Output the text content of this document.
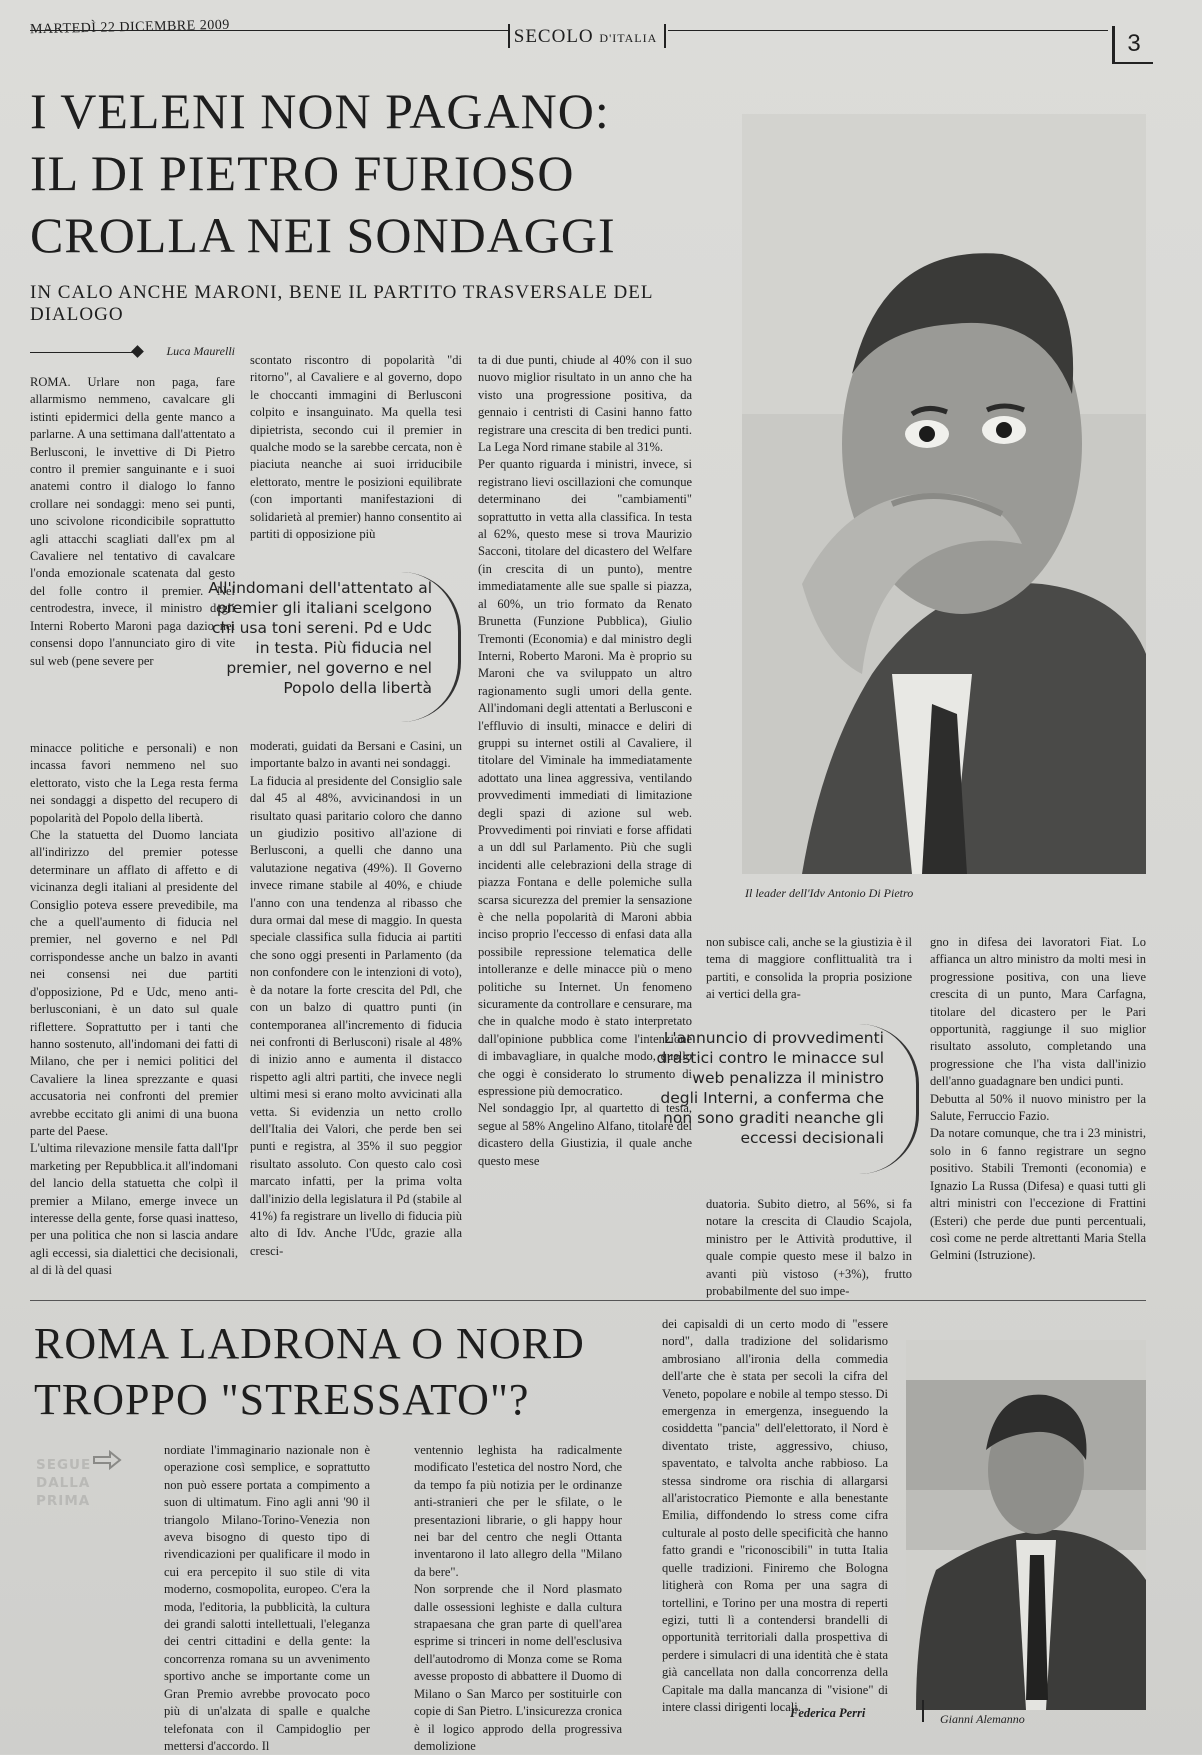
MARTEDÌ 22 DICEMBRE 2009	SECOLO D'ITALIA	3
I VELENI NON PAGANO:
IL DI PIETRO FURIOSO
CROLLA NEI SONDAGGI
IN CALO ANCHE MARONI, BENE IL PARTITO TRASVERSALE DEL DIALOGO
Luca Maurelli
ROMA. Urlare non paga, fare allarmismo nemmeno, cavalcare gli istinti epidermici della gente manco a parlarne. A una settimana dall'attentato a Berlusconi, le invettive di Di Pietro contro il premier sanguinante e i suoi anatemi contro il dialogo lo fanno crollare nei sondaggi: meno sei punti, uno scivolone ricondicibile soprattutto agli attacchi scagliati dall'ex pm al Cavaliere nel tentativo di cavalcare l'onda emozionale scatenata dal gesto del folle contro il premier. Nel centrodestra, invece, il ministro degli Interni Roberto Maroni paga dazio nei consensi dopo l'annunciato giro di vite sul web (pene severe per
minacce politiche e personali) e non incassa favori nemmeno nel suo elettorato, visto che la Lega resta ferma nei sondaggi a dispetto del recupero di popolarità del Popolo della libertà.
Che la statuetta del Duomo lanciata all'indirizzo del premier potesse determinare un afflato di affetto e di vicinanza degli italiani al presidente del Consiglio poteva essere prevedibile, ma che a quell'aumento di fiducia nel premier, nel governo e nel Pdl corrispondesse anche un balzo in avanti nei consensi nei due partiti d'opposizione, Pd e Udc, meno anti-berlusconiani, è un dato sul quale riflettere. Soprattutto per i tanti che hanno sostenuto, all'indomani dei fatti di Milano, che per i nemici politici del Cavaliere la linea sprezzante e quasi accusatoria nei confronti del premier avrebbe eccitato gli animi di una buona parte del Paese.
L'ultima rilevazione mensile fatta dall'Ipr marketing per Repubblica.it all'indomani del lancio della statuetta che colpì il premier a Milano, emerge invece un interesse della gente, forse quasi inatteso, per una politica che non si lascia andare agli eccessi, sia dialettici che decisionali, al di là del quasi
scontato riscontro di popolarità "di ritorno", al Cavaliere e al governo, dopo le choccanti immagini di Berlusconi colpito e insanguinato. Ma quella tesi dipietrista, secondo cui il premier in qualche modo se la sarebbe cercata, non è piaciuta neanche ai suoi irriducibile elettorato, mentre le posizioni equilibrate (con importanti manifestazioni di solidarietà al premier) hanno consentito ai partiti di opposizione più
moderati, guidati da Bersani e Casini, un importante balzo in avanti nei sondaggi.
La fiducia al presidente del Consiglio sale dal 45 al 48%, avvicinandosi in un risultato quasi paritario coloro che danno un giudizio positivo all'azione di Berlusconi, a quelli che danno una valutazione negativa (49%). Il Governo invece rimane stabile al 40%, e chiude l'anno con una tendenza al ribasso che dura ormai dal mese di maggio. In questa speciale classifica sulla fiducia ai partiti che sono oggi presenti in Parlamento (da non confondere con le intenzioni di voto), è da notare la forte crescita del Pdl, che con un balzo di quattro punti (in contemporanea all'incremento di fiducia nei confronti di Berlusconi) risale al 48% di inizio anno e aumenta il distacco rispetto agli altri partiti, che invece negli ultimi mesi si erano molto avvicinati alla vetta. Si evidenzia un netto crollo dell'Italia dei Valori, che perde ben sei punti e registra, al 35% il suo peggior risultato assoluto. Con questo calo così marcato infatti, per la prima volta dall'inizio della legislatura il Pd (stabile al 41%) fa registrare un livello di fiducia più alto di Idv. Anche l'Udc, grazie alla cresci-
All'indomani dell'attentato al premier gli italiani scelgono chi usa toni sereni. Pd e Udc in testa. Più fiducia nel premier, nel governo e nel Popolo della libertà
ta di due punti, chiude al 40% con il suo nuovo miglior risultato in un anno che ha visto una progressione positiva, da gennaio i centristi di Casini hanno fatto registrare una crescita di ben tredici punti. La Lega Nord rimane stabile al 31%.
Per quanto riguarda i ministri, invece, si registrano lievi oscillazioni che comunque determinano dei "cambiamenti" soprattutto in vetta alla classifica. In testa al 62%, questo mese si trova Maurizio Sacconi, titolare del dicastero del Welfare (in crescita di un punto), mentre immediatamente alle sue spalle si piazza, al 60%, un trio formato da Renato Brunetta (Funzione Pubblica), Giulio Tremonti (Economia) e dal ministro degli Interni, Roberto Maroni. Ma è proprio su Maroni che va sviluppato un altro ragionamento sugli umori della gente. All'indomani degli attentati a Berlusconi e l'effluvio di insulti, minacce e deliri di gruppi su internet ostili al Cavaliere, il titolare del Viminale ha immediatamente adottato una linea aggressiva, ventilando provvedimenti immediati di limitazione degli spazi di azione sul web. Provvedimenti poi rinviati e forse affidati a un ddl sul Parlamento. Più che sugli incidenti alle celebrazioni della strage di piazza Fontana e delle polemiche sulla scarsa sicurezza del premier la sensazione è che nella popolarità di Maroni abbia inciso proprio l'eccesso di enfasi data alla possibile repressione telematica delle intolleranze e delle minacce più o meno politiche su Internet. Un fenomeno sicuramente da controllare e censurare, ma che in qualche modo è stato interpretato dall'opinione pubblica come l'intenzione di imbavagliare, in qualche modo, quello che oggi è considerato lo strumento di espressione più democratico.
Nel sondaggio Ipr, al quartetto di testa, segue al 58% Angelino Alfano, titolare del dicastero della Giustizia, il quale anche questo mese
Il leader dell'Idv Antonio Di Pietro
non subisce cali, anche se la giustizia è il tema di maggiore conflittualità tra i partiti, e consolida la propria posizione ai vertici della gra-
L'annuncio di provvedimenti drastici contro le minacce sul web penalizza il ministro degli Interni, a conferma che non sono graditi neanche gli eccessi decisionali
duatoria. Subito dietro, al 56%, si fa notare la crescita di Claudio Scajola, ministro per le Attività produttive, il quale compie questo mese il balzo in avanti più vistoso (+3%), frutto probabilmente del suo impe-
gno in difesa dei lavoratori Fiat. Lo affianca un altro ministro da molti mesi in progressione positiva, con una lieve crescita di un punto, Mara Carfagna, titolare del dicastero per le Pari opportunità, raggiunge il suo miglior risultato assoluto, completando una progressione che l'ha vista dall'inizio dell'anno guadagnare ben undici punti.
Debutta al 50% il nuovo ministro per la Salute, Ferruccio Fazio.
Da notare comunque, che tra i 23 ministri, solo in 6 fanno registrare un segno positivo. Stabili Tremonti (economia) e Ignazio La Russa (Difesa) e quasi tutti gli altri ministri con l'eccezione di Frattini (Esteri) che perde due punti percentuali, così come ne perde altrettanti Maria Stella Gelmini (Istruzione).
ROMA LADRONA O NORD
TROPPO "STRESSATO"?
SEGUE
DALLA
PRIMA
nordiate l'immaginario nazionale non è operazione così semplice, e soprattutto non può essere portata a compimento a suon di ultimatum. Fino agli anni '90 il triangolo Milano-Torino-Venezia non aveva bisogno di questo tipo di rivendicazioni per qualificare il modo in cui era percepito il suo stile di vita moderno, cosmopolita, europeo. C'era la moda, l'editoria, la pubblicità, la cultura dei grandi salotti intellettuali, l'eleganza dei centri cittadini e della gente: la concorrenza romana su un avvenimento sportivo anche se importante come un Gran Premio avrebbe provocato poco più di un'alzata di spalle e qualche telefonata con il Campidoglio per mettersi d'accordo. Il
ventennio leghista ha radicalmente modificato l'estetica del nostro Nord, che da tempo fa più notizia per le ordinanze anti-stranieri che per le sfilate, o le presentazioni librarie, o gli happy hour nei bar del centro che negli Ottanta inventarono il lato allegro della "Milano da bere".
Non sorprende che il Nord plasmato dalle ossessioni leghiste e dalla cultura strapaesana che gran parte di quell'area esprime si trinceri in nome dell'esclusiva dell'autodromo di Monza come se Roma avesse proposto di abbattere il Duomo di Milano o San Marco per sostituirle con copie di San Pietro. L'insicurezza cronica è il logico approdo della progressiva demolizione
dei capisaldi di un certo modo di "essere nord", dalla tradizione del solidarismo ambrosiano all'ironia della commedia dell'arte che è stata per secoli la cifra del Veneto, popolare e nobile al tempo stesso. Di emergenza in emergenza, inseguendo la cosiddetta "pancia" dell'elettorato, il Nord è diventato triste, aggressivo, chiuso, spaventato, e talvolta anche rabbioso. La stessa sindrome ora rischia di allargarsi all'aristocratico Piemonte e alla benestante Emilia, diffondendo lo stress come cifra culturale al posto delle specificità che hanno fatto grandi e "riconoscibili" in tutta Italia quelle tradizioni. Finiremo che Bologna litigherà con Roma per una sagra di tortellini, e Torino per una mostra di reperti egizi, tutti lì a contendersi brandelli di opportunità territoriali dalla prospettiva di perdere i simulacri di una identità che è stata già cancellata non dalla concorrenza della Capitale ma dalla mancanza di "visione" di intere classi dirigenti locali.
Federica Perri	Gianni Alemanno
